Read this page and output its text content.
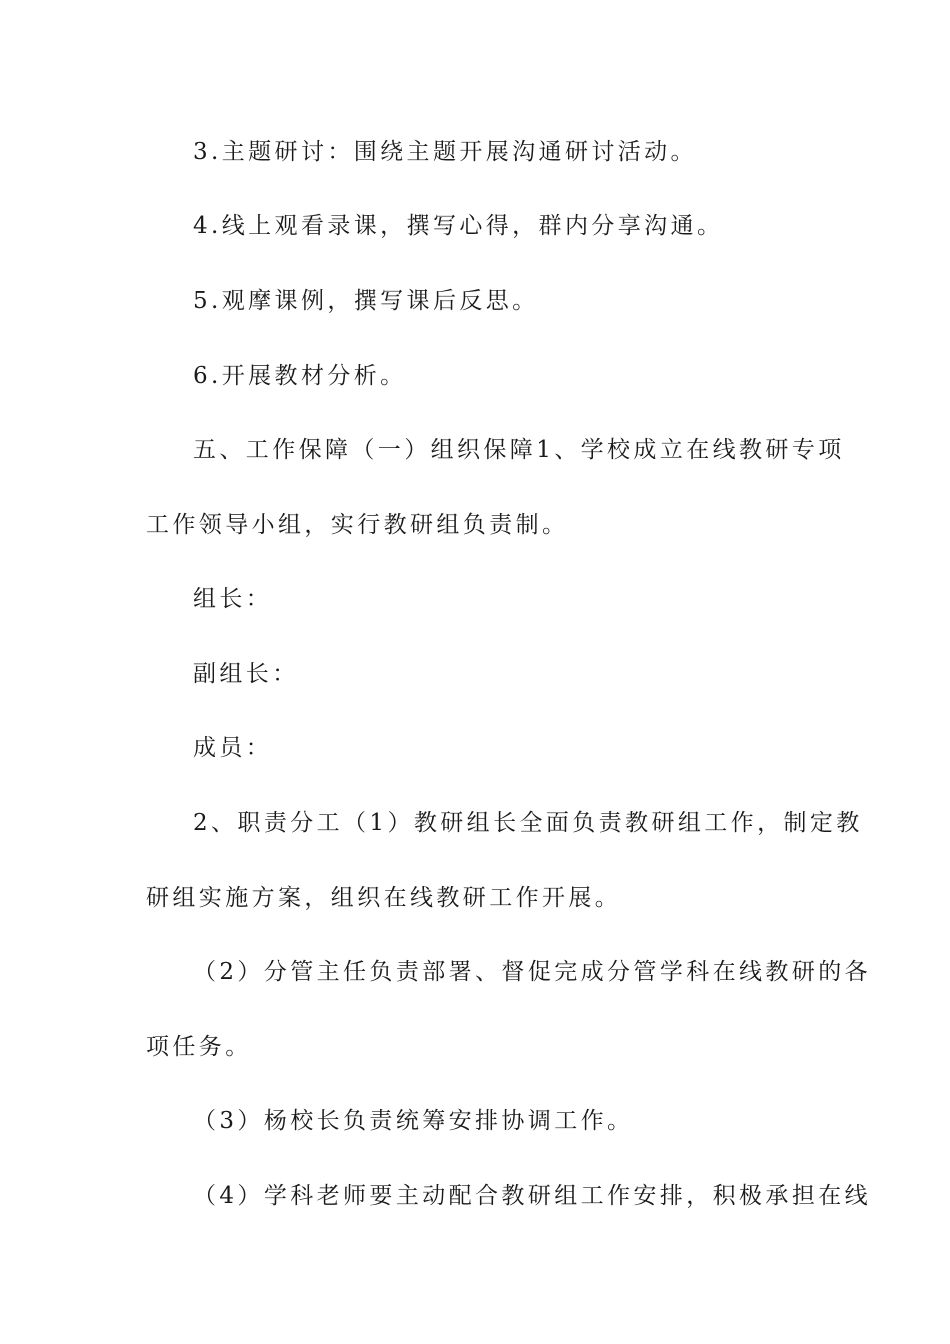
3.主题研讨：围绕主题开展沟通研讨活动。
4.线上观看录课，撰写心得，群内分享沟通。
5.观摩课例，撰写课后反思。
6.开展教材分析。
五、工作保障（一）组织保障1、学校成立在线教研专项
工作领导小组，实行教研组负责制。
组长：
副组长：
成员：
2、职责分工（1）教研组长全面负责教研组工作，制定教
研组实施方案，组织在线教研工作开展。
（2）分管主任负责部署、督促完成分管学科在线教研的各
项任务。
（3）杨校长负责统筹安排协调工作。
（4）学科老师要主动配合教研组工作安排，积极承担在线
